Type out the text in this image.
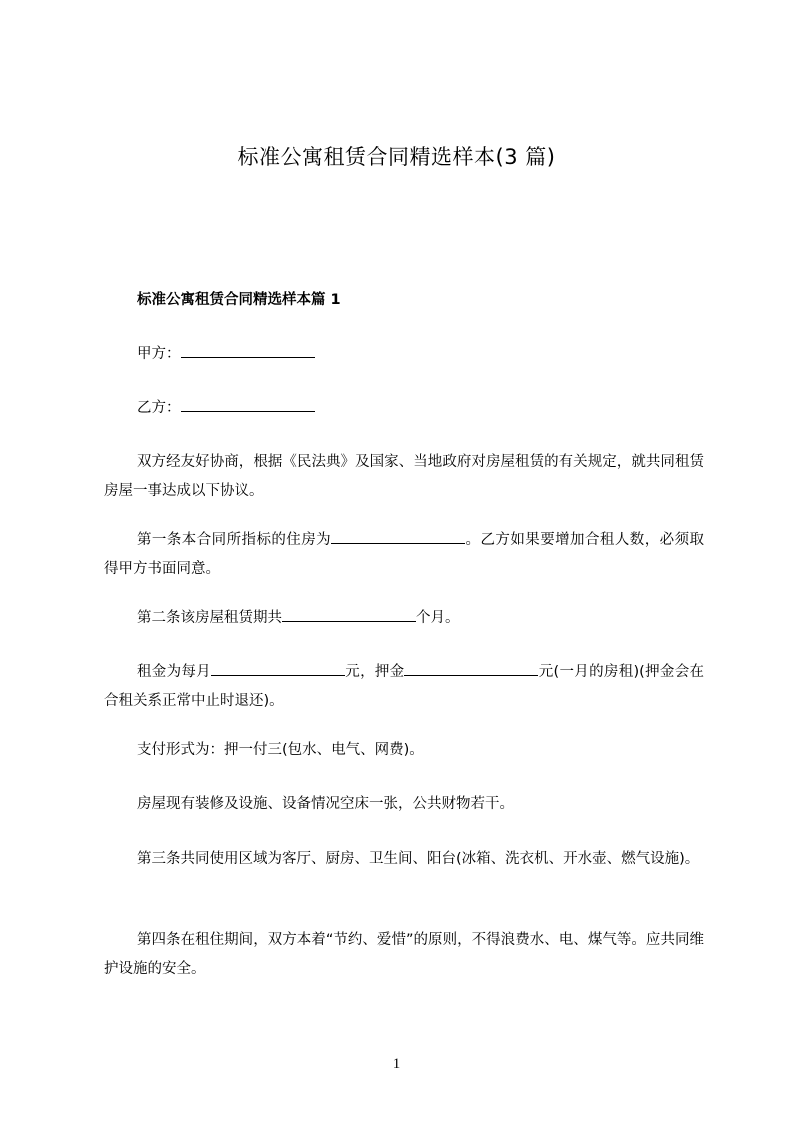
标准公寓租赁合同精选样本(3 篇)
标准公寓租赁合同精选样本篇 1

甲方：

乙方：

双方经友好协商，根据《民法典》及国家、当地政府对房屋租赁的有关规定，就共同租赁房屋一事达成以下协议。

第一条本合同所指标的住房为	。乙方如果要增加合租人数，必须取得甲方书面同意。

第二条该房屋租赁期共	个月。

租金为每月	元，押金	元(一月的房租)(押金会在合租关系正常中止时退还)。

支付形式为：押一付三(包水、电气、网费)。

房屋现有装修及设施、设备情况空床一张，公共财物若干。

第三条共同使用区域为客厅、厨房、卫生间、阳台(冰箱、洗衣机、开水壶、燃气设施)。

第四条在租住期间，双方本着“节约、爱惜”的原则，不得浪费水、电、煤气等。应共同维护设施的安全。

1
